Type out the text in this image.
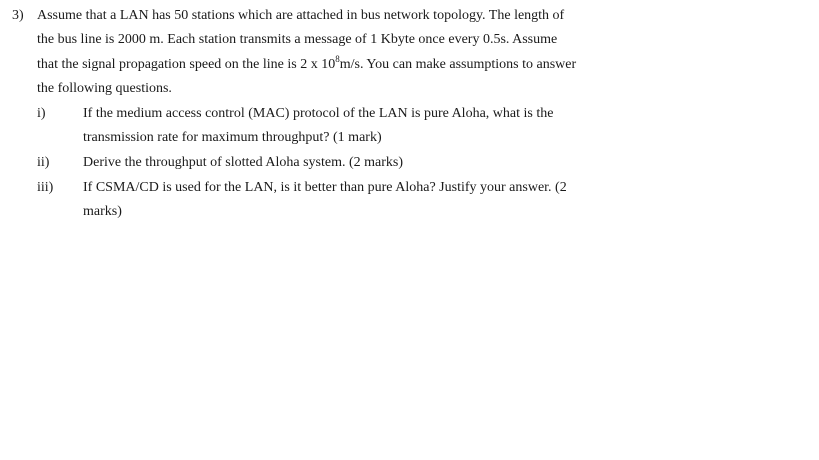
3) Assume that a LAN has 50 stations which are attached in bus network topology. The length of
the bus line is 2000 m. Each station transmits a message of 1 Kbyte once every 0.5s. Assume
that the signal propagation speed on the line is 2 x $10^8m/s$. You can make assumptions to answer
the following questions.
i)	If the medium access control (MAC) protocol of the LAN is pure Aloha, what is the
transmission rate for maximum throughput? (1 mark)
ii) Derive the throughput of slotted Aloha system. (2 marks)
iii) If CSMA/CD is used for the LAN, is it better than pure Aloha? Justify your answer. (2
marks)
